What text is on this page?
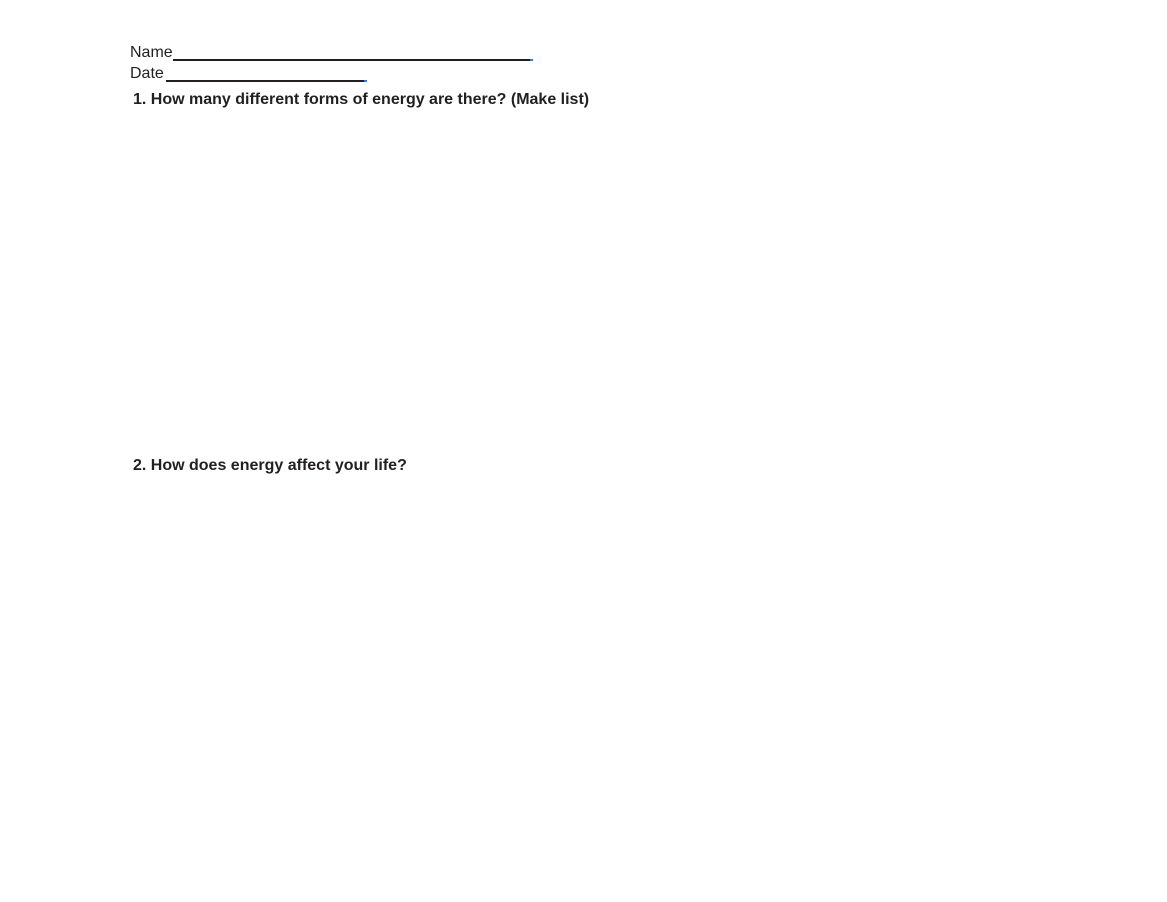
Name
Date
1. How many different forms of energy are there? (Make list)
2. How does energy affect your life?
